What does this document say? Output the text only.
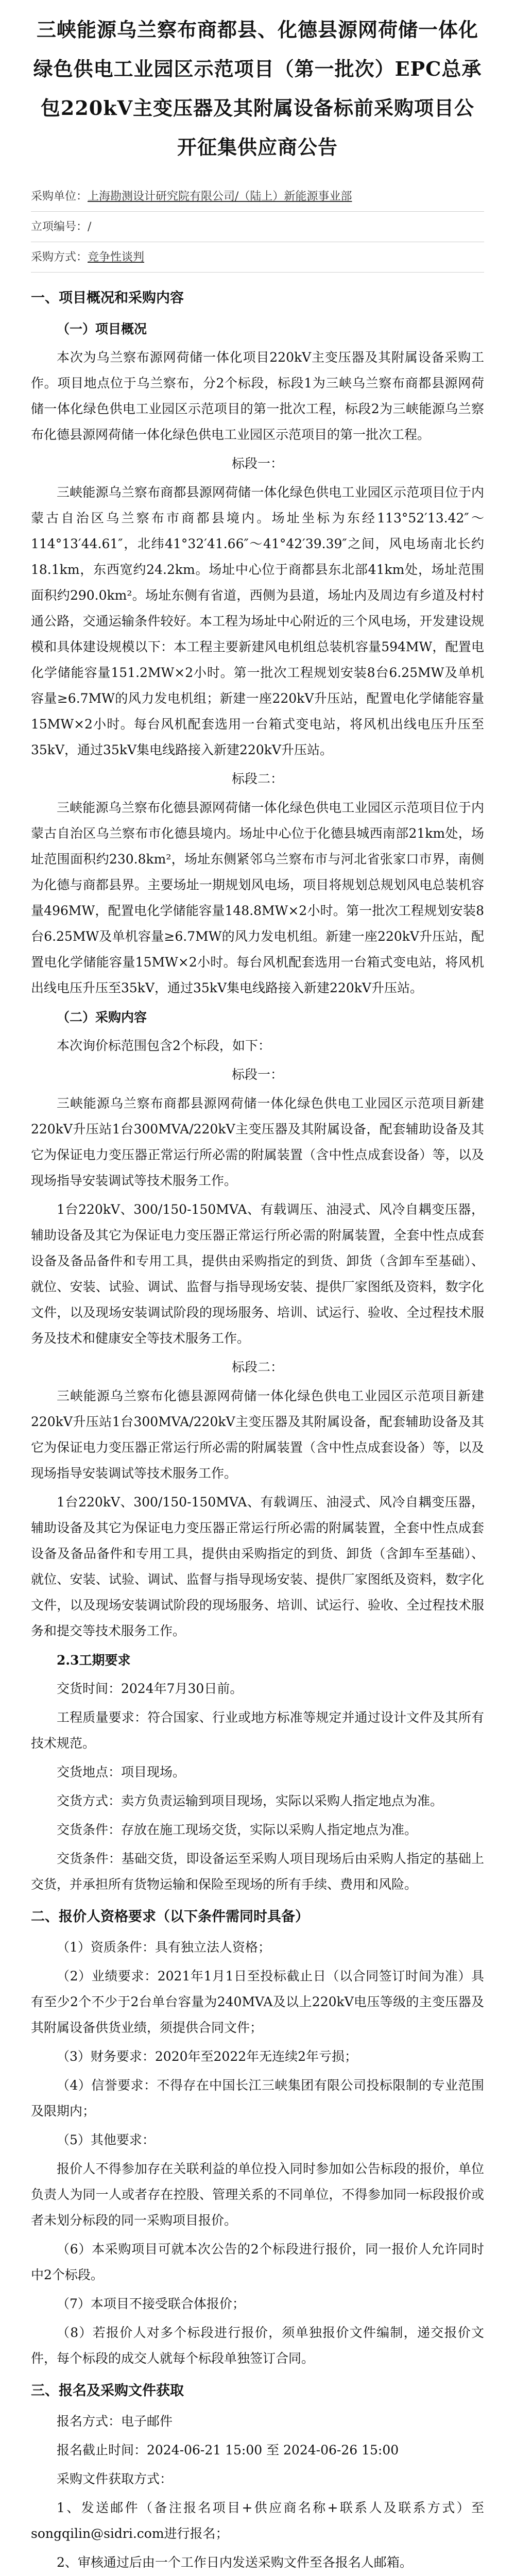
三峡能源乌兰察布商都县、化德县源网荷储一体化绿色供电工业园区示范项目（第一批次）EPC总承包220kV主变压器及其附属设备标前采购项目公开征集供应商公告
采购单位：上海勘测设计研究院有限公司/（陆上）新能源事业部
立项编号：/
采购方式：竞争性谈判
一、项目概况和采购内容
（一）项目概况
本次为乌兰察布源网荷储一体化项目220kV主变压器及其附属设备采购工作。项目地点位于乌兰察布，分2个标段，标段1为三峡乌兰察布商都县源网荷储一体化绿色供电工业园区示范项目的第一批次工程，标段2为三峡能源乌兰察布化德县源网荷储一体化绿色供电工业园区示范项目的第一批次工程。
标段一：
三峡能源乌兰察布商都县源网荷储一体化绿色供电工业园区示范项目位于内蒙古自治区乌兰察布市商都县境内。场址坐标为东经113°52′13.42″～114°13′44.61″，北纬41°32′41.66″～41°42′39.39″之间，风电场南北长约18.1km，东西宽约24.2km。场址中心位于商都县东北部41km处，场址范围面积约290.0km²。场址东侧有省道，西侧为县道，场址内及周边有乡道及村村通公路，交通运输条件较好。本工程为场址中心附近的三个风电场，开发建设规模和具体建设规模以下：本工程主要新建风电机组总装机容量594MW，配置电化学储能容量151.2MW×2小时。第一批次工程规划安装8台6.25MW及单机容量≥6.7MW的风力发电机组；新建一座220kV升压站，配置电化学储能容量15MW×2小时。每台风机配套选用一台箱式变电站，将风机出线电压升压至35kV，通过35kV集电线路接入新建220kV升压站。
标段二：
三峡能源乌兰察布化德县源网荷储一体化绿色供电工业园区示范项目位于内蒙古自治区乌兰察布市化德县境内。场址中心位于化德县城西南部21km处，场址范围面积约230.8km²，场址东侧紧邻乌兰察布市与河北省张家口市界，南侧为化德与商都县界。主要场址一期规划风电场，项目将规划总规划风电总装机容量496MW，配置电化学储能容量148.8MW×2小时。第一批次工程规划安装8台6.25MW及单机容量≥6.7MW的风力发电机组。新建一座220kV升压站，配置电化学储能容量15MW×2小时。每台风机配套选用一台箱式变电站，将风机出线电压升压至35kV，通过35kV集电线路接入新建220kV升压站。
（二）采购内容
本次询价标范围包含2个标段，如下：
标段一：
三峡能源乌兰察布商都县源网荷储一体化绿色供电工业园区示范项目新建220kV升压站1台300MVA/220kV主变压器及其附属设备，配套辅助设备及其它为保证电力变压器正常运行所必需的附属装置（含中性点成套设备）等，以及现场指导安装调试等技术服务工作。
1台220kV、300/150-150MVA、有载调压、油浸式、风冷自耦变压器，辅助设备及其它为保证电力变压器正常运行所必需的附属装置，全套中性点成套设备及备品备件和专用工具，提供由采购指定的到货、卸货（含卸车至基础）、就位、安装、试验、调试、监督与指导现场安装、提供厂家图纸及资料，数字化文件，以及现场安装调试阶段的现场服务、培训、试运行、验收、全过程技术服务及技术和健康安全等技术服务工作。
标段二：
三峡能源乌兰察布化德县源网荷储一体化绿色供电工业园区示范项目新建220kV升压站1台300MVA/220kV主变压器及其附属设备，配套辅助设备及其它为保证电力变压器正常运行所必需的附属装置（含中性点成套设备）等，以及现场指导安装调试等技术服务工作。
1台220kV、300/150-150MVA、有载调压、油浸式、风冷自耦变压器，辅助设备及其它为保证电力变压器正常运行所必需的附属装置，全套中性点成套设备及备品备件和专用工具，提供由采购指定的到货、卸货（含卸车至基础）、就位、安装、试验、调试、监督与指导现场安装、提供厂家图纸及资料，数字化文件，以及现场安装调试阶段的现场服务、培训、试运行、验收、全过程技术服务和提交等技术服务工作。
2.3工期要求
交货时间：2024年7月30日前。
工程质量要求：符合国家、行业或地方标准等规定并通过设计文件及其所有技术规范。
交货地点：项目现场。
交货方式：卖方负责运输到项目现场，实际以采购人指定地点为准。
交货条件：存放在施工现场交货，实际以采购人指定地点为准。
交货条件：基础交货，即设备运至采购人项目现场后由采购人指定的基础上交货，并承担所有货物运输和保险至现场的所有手续、费用和风险。
二、报价人资格要求（以下条件需同时具备）
（1）资质条件：具有独立法人资格；
（2）业绩要求：2021年1月1日至投标截止日（以合同签订时间为准）具有至少2个不少于2台单台容量为240MVA及以上220kV电压等级的主变压器及其附属设备供货业绩，须提供合同文件；
（3）财务要求：2020年至2022年无连续2年亏损；
（4）信誉要求：不得存在中国长江三峡集团有限公司投标限制的专业范围及限期内；
（5）其他要求：
报价人不得参加存在关联利益的单位投入同时参加如公告标段的报价，单位负责人为同一人或者存在控股、管理关系的不同单位，不得参加同一标段报价或者未划分标段的同一采购项目报价。
（6）本采购项目可就本次公告的2个标段进行报价，同一报价人允许同时中2个标段。
（7）本项目不接受联合体报价；
（8）若报价人对多个标段进行报价，须单独报价文件编制，递交报价文件，每个标段的成交人就每个标段单独签订合同。
三、报名及采购文件获取
报名方式：电子邮件
报名截止时间：2024-06-21 15:00 至 2024-06-26 15:00
采购文件获取方式：
1、发送邮件（备注报名项目+供应商名称+联系人及联系方式）至songqilin@sidri.com进行报名；
2、审核通过后由一个工作日内发送采购文件至各报名人邮箱。
